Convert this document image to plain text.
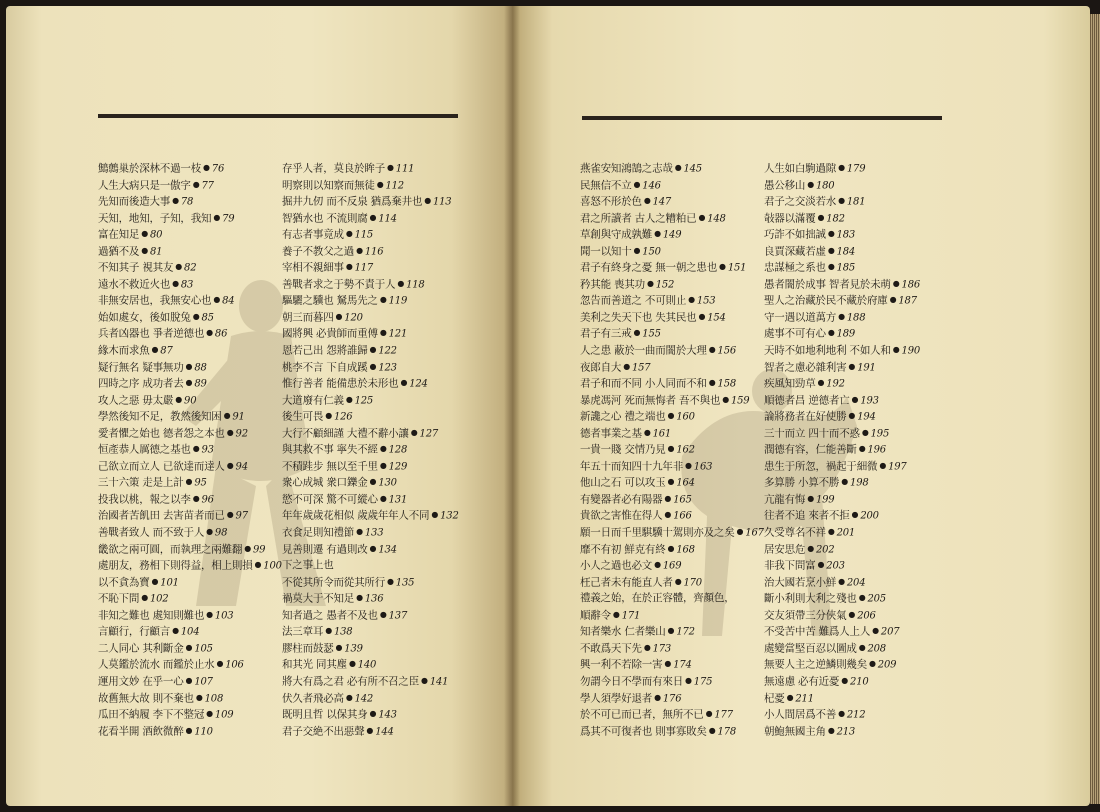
鷦鷯巢於深林不過一枝 ● 76
人生大病只是一傲字 ● 77
先知而後造大事 ● 78
天知，地知，子知，我知 ● 79
富在知足 ● 80
過猶不及 ● 81
不知其子 視其友 ● 82
遠水不救近火也 ● 83
非無安居也，我無安心也 ● 84
始如處女，後如脫兔 ● 85
兵者凶器也 爭者逆德也 ● 86
緣木而求魚 ● 87
疑行無名 疑事無功 ● 88
四時之序 成功者去 ● 89
攻人之惡 毋太嚴 ● 90
學然後知不足，教然後知困 ● 91
愛者懼之始也 德者怨之本也 ● 92
恒產恭人厲德之基也 ● 93
己欲立而立人 已欲達而達人 ● 94
三十六策 走是上計 ● 95
投我以桃，報之以李 ● 96
治國者苦飢田 去害苗者而已 ● 97
善戰者致人 而不致于人 ● 98
畿欲之兩可圓，而執理之兩難翻 ● 99
處朋友，務相下則得益，相上則損 ● 100
以不貪為寶 ● 101
不恥下問 ● 102
非知之難也 處知則難也 ● 103
言顧行，行顧言 ● 104
二人同心 其利斷金 ● 105
人莫鑑於流水 而鑑於止水 ● 106
運用文妙 在乎一心 ● 107
故舊無大故 則不棄也 ● 108
瓜田不納履 李下不整冠 ● 109
花看半開 酒飲微醉 ● 110
存乎人者，莫良於眸子 ● 111
明察則以知察而無徒 ● 112
掘井九仞 而不反泉 猶爲棄井也 ● 113
智猶水也 不流則腐 ● 114
有志者事竟成 ● 115
養子不教父之過 ● 116
宰相不親細事 ● 117
善戰者求之于勢不責于人 ● 118
驅驪之驥也 駑馬先之 ● 119
朝三而暮四 ● 120
國將興 必貴師而重傅 ● 121
恩若己出 怨將誰歸 ● 122
桃李不言 下自成蹊 ● 123
惟行善者 能備患於未形也 ● 124
大道廢有仁義 ● 125
後生可畏 ● 126
大行不顧細謹 大禮不辭小讓 ● 127
與其救不事 寧失不經 ● 128
不積跬步 無以至千里 ● 129
衆心成城 衆口鑠金 ● 130
慾不可深 驚不可縱心 ● 131
年年歲歲花相似 歲歲年年人不同 ● 132
衣食足則知禮節 ● 133
見善則遷 有過則改 ● 134
下之事上也
不從其所令而從其所行 ● 135
禍莫大于不知足 ● 136
知者過之 愚者不及也 ● 137
法三章耳 ● 138
膠柱而鼓瑟 ● 139
和其光 同其塵 ● 140
將大有爲之君 必有所不召之臣 ● 141
伏久者飛必高 ● 142
既明且哲 以保其身 ● 143
君子交絶不出惡聲 ● 144
燕雀安知鴻鵠之志哉 ● 145
民無信不立 ● 146
喜怒不形於色 ● 147
君之所讀者 古人之糟粕已 ● 148
草創與守成孰難 ● 149
聞一以知十 ● 150
君子有終身之憂 無一朝之患也 ● 151
矜其能 喪其功 ● 152
忽告而善道之 不可則止 ● 153
美利之失天下也 失其民也 ● 154
君子有三戒 ● 155
人之患 蔽於一曲而闇於大理 ● 156
夜郎自大 ● 157
君子和而不同 小人同而不和 ● 158
暴虎馮河 死而無悔者 吾不與也 ● 159
新讒之心 禮之端也 ● 160
德者事業之基 ● 161
一貴一賤 交情乃見 ● 162
年五十而知四十九年非 ● 163
他山之石 可以攻玉 ● 164
有變器者必有陽器 ● 165
貴欲之害惟在得人 ● 166
願一日而千里騏驥十駕則亦及之矣 ● 167
靡不有初 鮮克有終 ● 168
小人之過也必文 ● 169
枉己者未有能直人者 ● 170
禮義之始，在於正容體，齊顏色，
順辭令 ● 171
知者樂水 仁者樂山 ● 172
不敢爲天下先 ● 173
興一利不若除一害 ● 174
勿謂今日不學而有來日 ● 175
學人須學好退者 ● 176
於不可已而已者，無所不已 ● 177
爲其不可復者也 則事寡敗矣 ● 178
人生如白駒過隙 ● 179
愚公移山 ● 180
君子之交淡若水 ● 181
敧器以滿覆 ● 182
巧詐不如拙誠 ● 183
良賈深藏若虛 ● 184
忠謀極之系也 ● 185
愚者闇於成事 智者見於未萌 ● 186
聖人之治藏於民不藏於府庫 ● 187
守一遇以道萬方 ● 188
處事不可有心 ● 189
天時不如地利地利 不如人和 ● 190
智者之慮必雜利害 ● 191
疾風知勁草 ● 192
順德者昌 逆德者亡 ● 193
論將務者在好使勝 ● 194
三十而立 四十而不惑 ● 195
潤德有容，仁能善斷 ● 196
患生于所忽，禍起于細微 ● 197
多算勝 小算不勝 ● 198
亢龍有悔 ● 199
往者不追 來者不拒 ● 200
久受尊名不祥 ● 201
居安思危 ● 202
非我下問富 ● 203
治大國若烹小鮮 ● 204
斷小利則大利之殘也 ● 205
交友須帶三分俠氣 ● 206
不受苦中苦 難爲人上人 ● 207
處變當堅百忍以圖成 ● 208
無要人主之逆鱗則幾矣 ● 209
無遠慮 必有近憂 ● 210
杞憂 ● 211
小人間居爲不善 ● 212
朝鮑無國主角 ● 213
